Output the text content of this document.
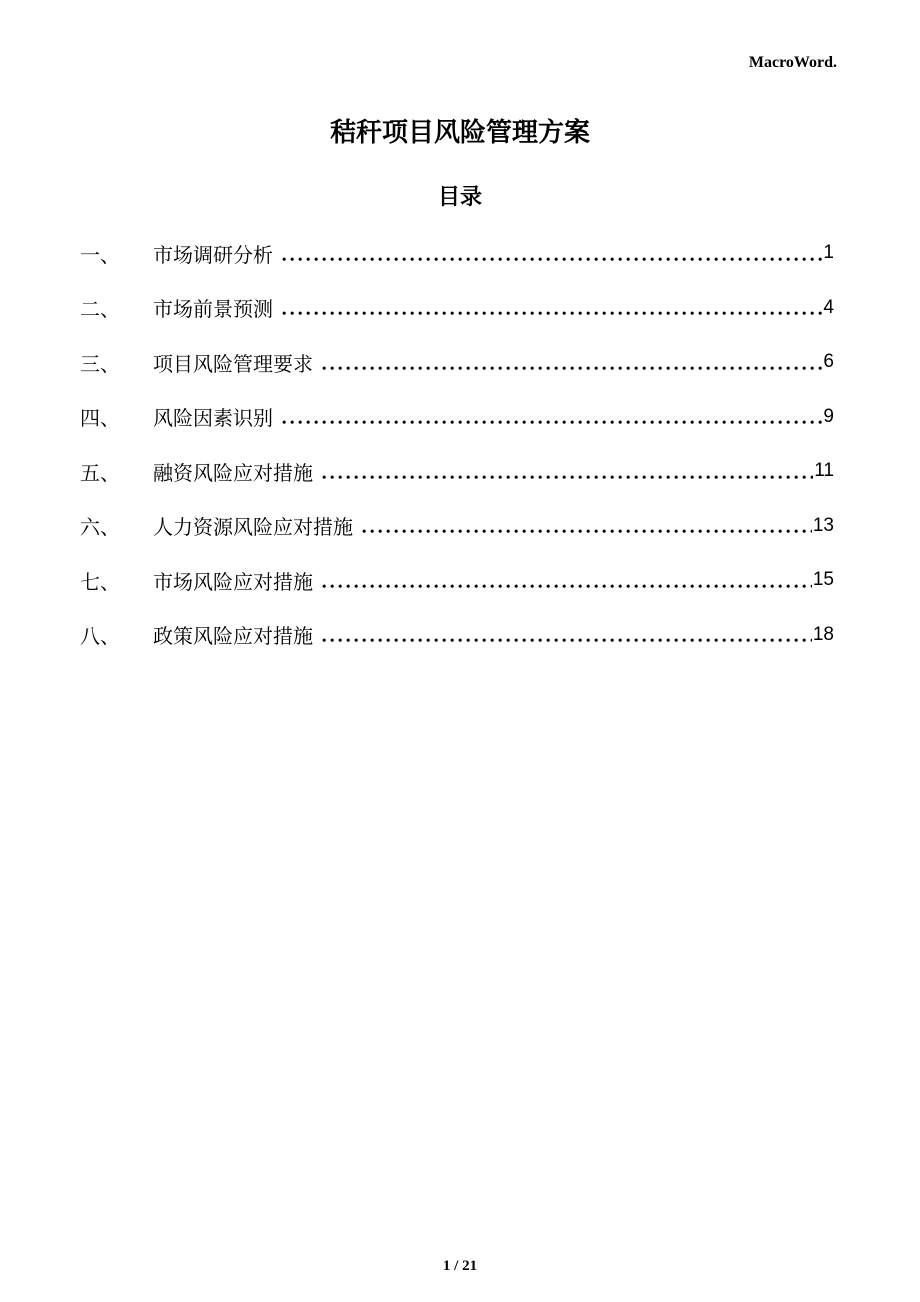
MacroWord.
秸秆项目风险管理方案
目录
一、	市场调研分析	1
二、	市场前景预测	4
三、	项目风险管理要求	6
四、	风险因素识别	9
五、	融资风险应对措施	11
六、	人力资源风险应对措施	13
七、	市场风险应对措施	15
八、	政策风险应对措施	18
1 / 21
